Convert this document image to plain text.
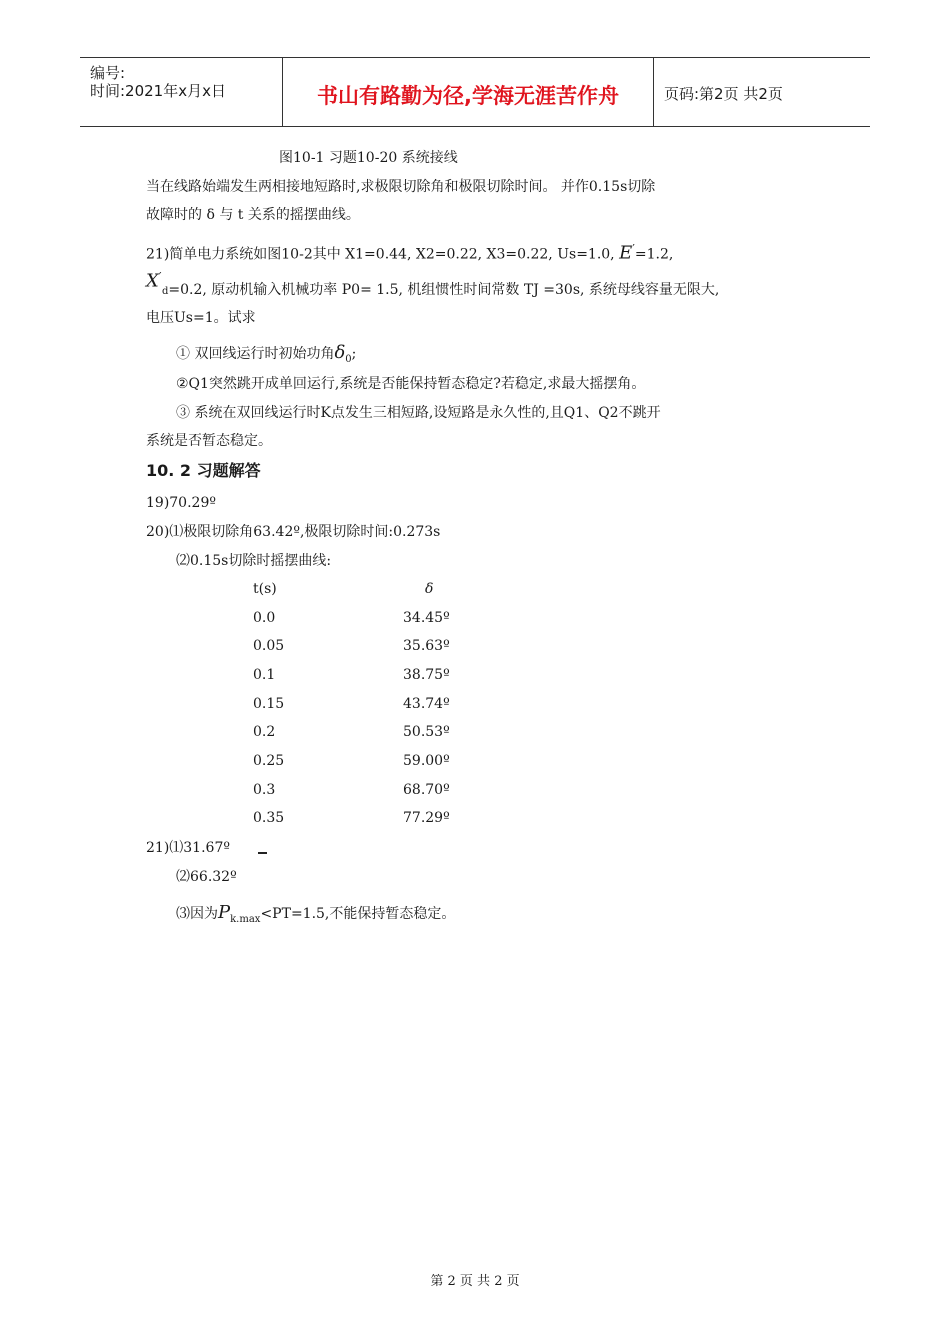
编号:
时间:2021年x月x日	书山有路勤为径,学海无涯苦作舟	页码:第2页 共2页
图10-1 习题10-20 系统接线
当在线路始端发生两相接地短路时,求极限切除角和极限切除时间。 并作0.15s切除
故障时的 δ 与 t 关系的摇摆曲线。
21)简单电力系统如图10-2其中 X1=0.44, X2=0.22, X3=0.22, Us=1.0, E′=1.2,
X′
d=0.2, 原动机输入机械功率 P0= 1.5, 机组惯性时间常数 TJ =30s, 系统母线容量无限大,
电压Us=1。试求
① 双回线运行时初始功角$\delta_0$;
②Q1突然跳开成单回运行,系统是否能保持暂态稳定?若稳定,求最大摇摆角。
③ 系统在双回线运行时K点发生三相短路,设短路是永久性的,且Q1、Q2不跳开
系统是否暂态稳定。
10. 2 习题解答
19)70.29º
20)⑴极限切除角63.42º,极限切除时间:0.273s
⑵0.15s切除时摇摆曲线:
t(s)	δ
0.0	34.45º
0.05	35.63º
0.1	38.75º
0.15	43.74º
0.2	50.53º
0.25	59.00º
0.3	68.70º
0.35	77.29º
21)⑴31.67º
⑵66.32º
⑶因为$P_{k.max}<PT=1.5$,不能保持暂态稳定。
第 2 页 共 2 页
